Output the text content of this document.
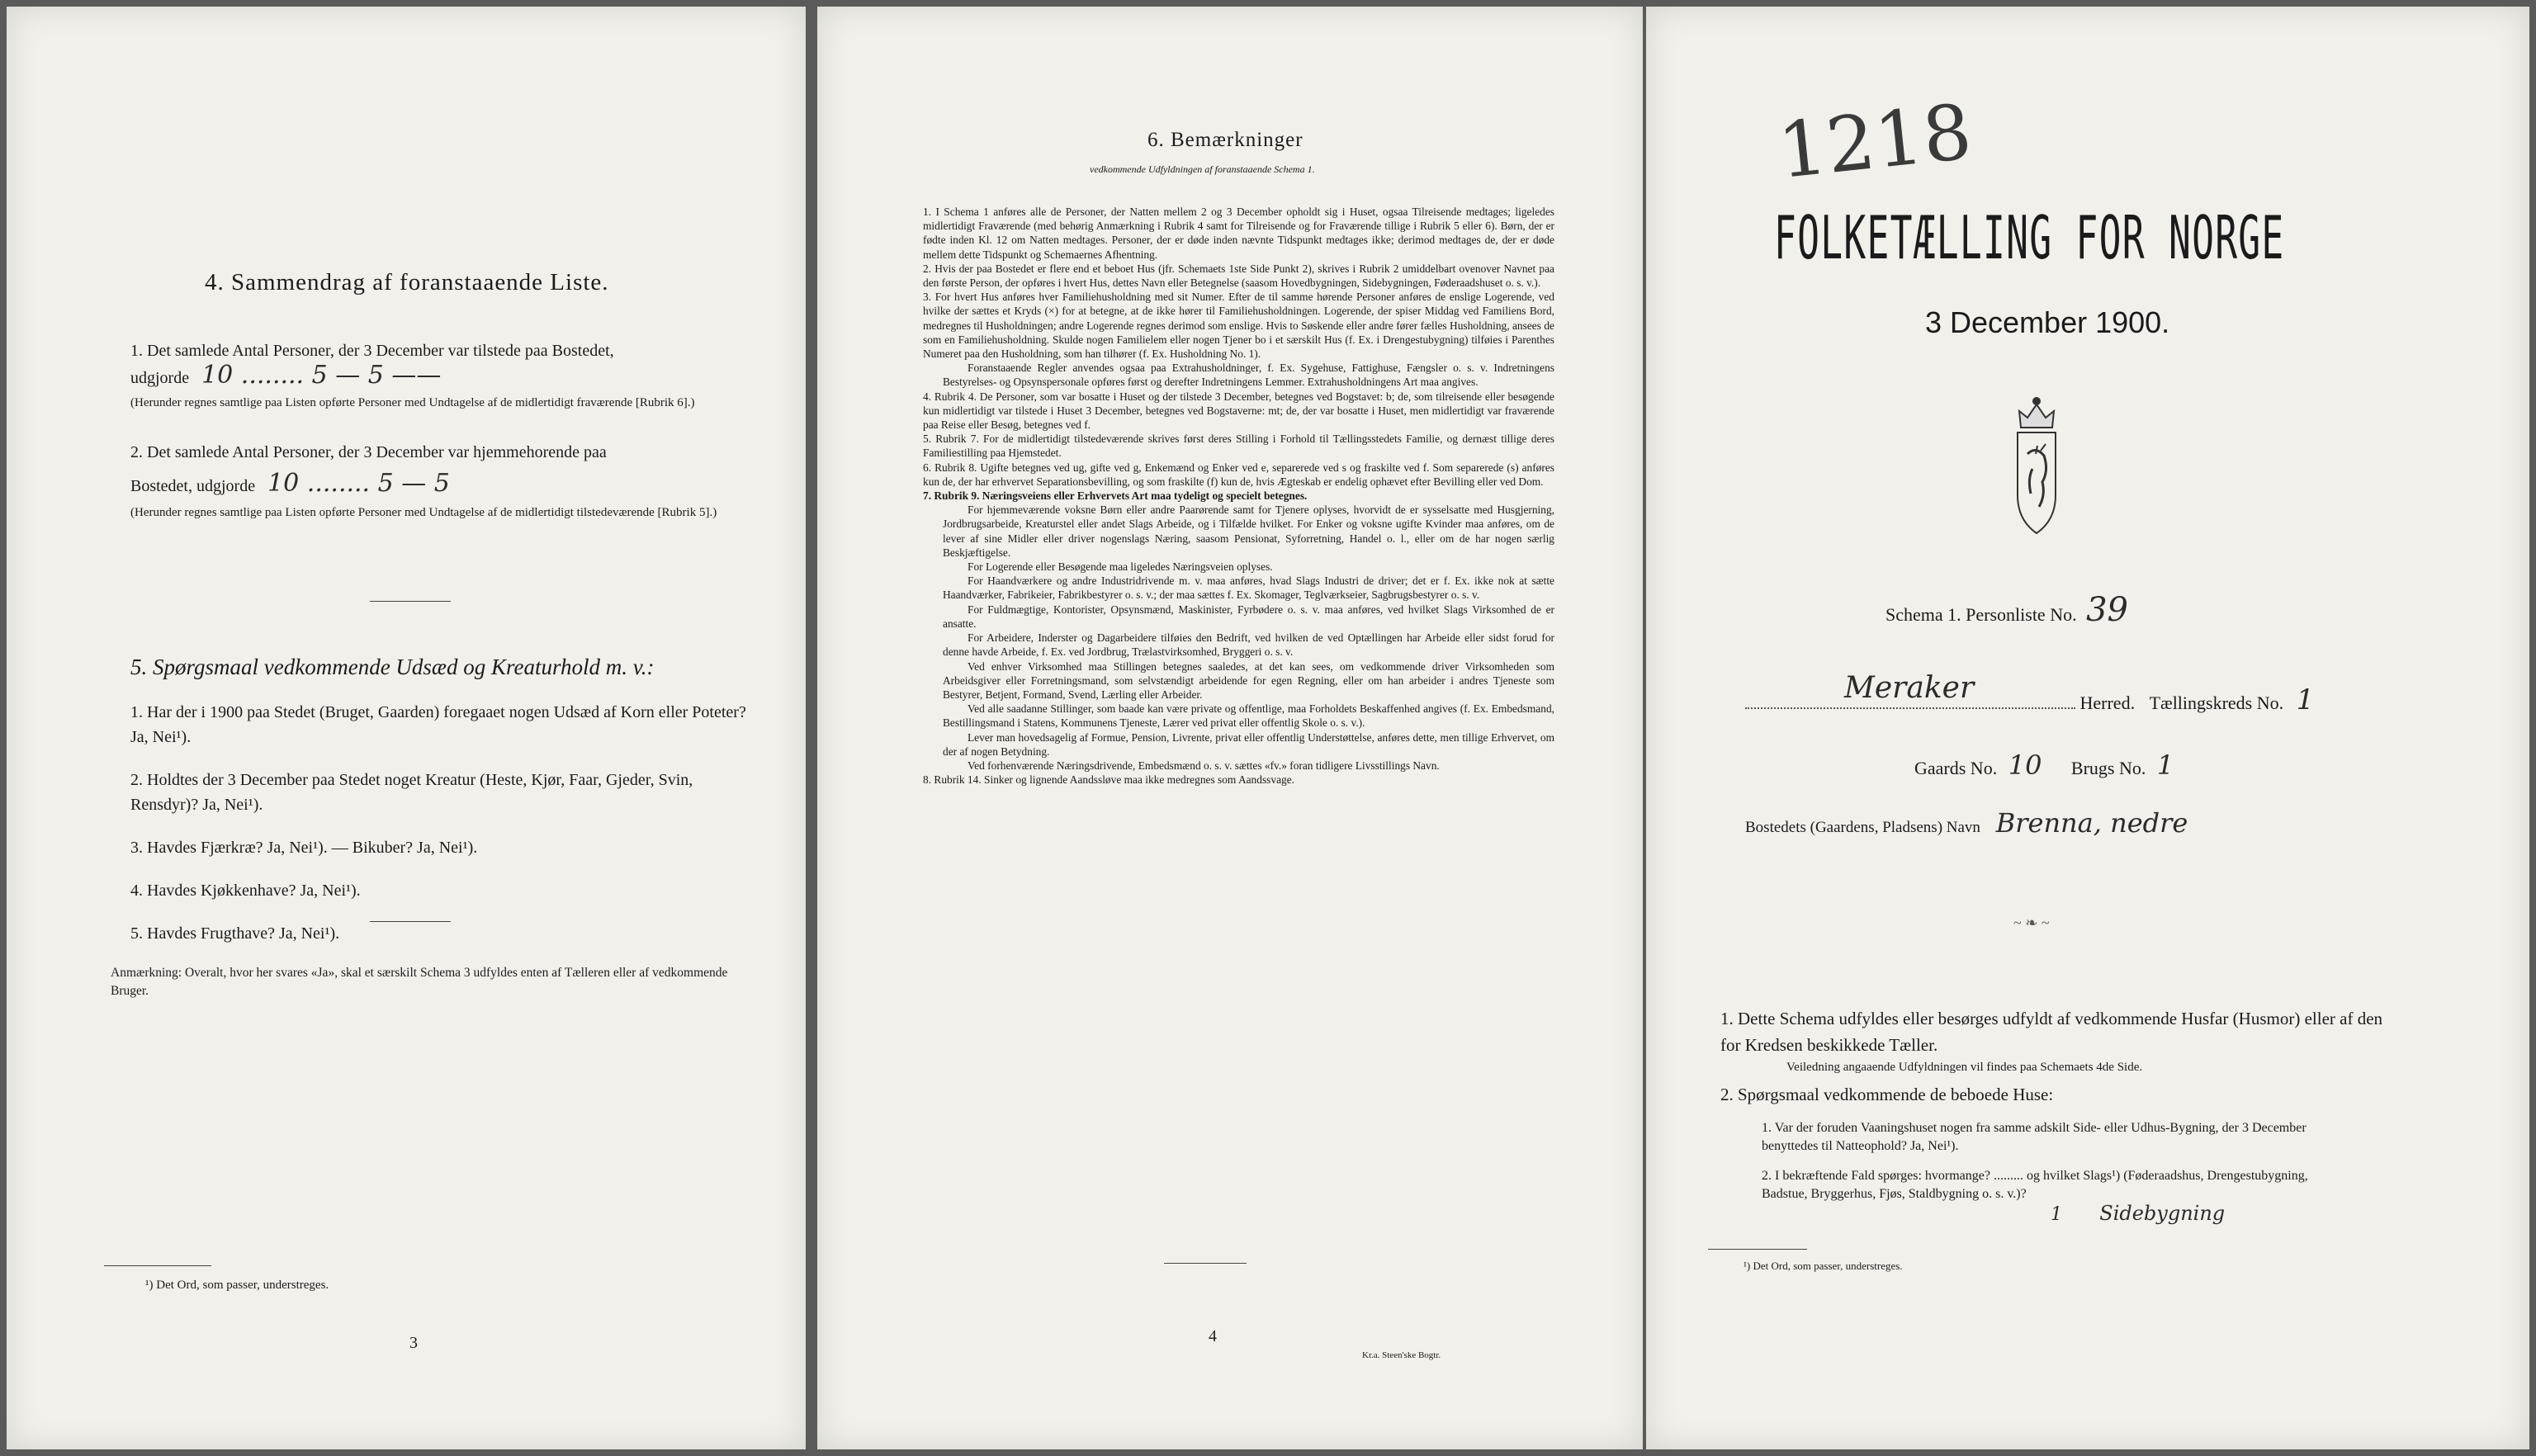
4. Sammendrag af foranstaaende Liste.
1. Det samlede Antal Personer, der 3 December var tilstede paa Bostedet,
udgjorde 10 ........ 5 — 5 ——
(Herunder regnes samtlige paa Listen opførte Personer med Undtagelse af de midlertidigt fraværende [Rubrik 6].)
2. Det samlede Antal Personer, der 3 December var hjemmehorende paa
Bostedet, udgjorde 10 ........ 5 — 5
(Herunder regnes samtlige paa Listen opførte Personer med Undtagelse af de midlertidigt tilstedeværende [Rubrik 5].)
5. Spørgsmaal vedkommende Udsæd og Kreaturhold m. v.:
1. Har der i 1900 paa Stedet (Bruget, Gaarden) foregaaet nogen Udsæd af Korn eller Poteter? Ja, Nei¹).
2. Holdtes der 3 December paa Stedet noget Kreatur (Heste, Kjør, Faar, Gjeder, Svin, Rensdyr)? Ja, Nei¹).
3. Havdes Fjærkræ? Ja, Nei¹). — Bikuber? Ja, Nei¹).
4. Havdes Kjøkkenhave? Ja, Nei¹).
5. Havdes Frugthave? Ja, Nei¹).
Anmærkning: Overalt, hvor her svares «Ja», skal et særskilt Schema 3 udfyldes enten af Tælleren eller af vedkommende Bruger.
¹) Det Ord, som passer, understreges.
3
6. Bemærkninger
vedkommende Udfyldningen af foranstaaende Schema 1.

1. I Schema 1 anføres alle de Personer, der Natten mellem 2 og 3 December opholdt sig i Huset, ogsaa Tilreisende medtages; ligeledes midlertidigt Fraværende (med behørig Anmærkning i Rubrik 4 samt for Tilreisende og for Fraværende tillige i Rubrik 5 eller 6). Børn, der er fødte inden Kl. 12 om Natten medtages. Personer, der er døde inden nævnte Tidspunkt medtages ikke; derimod medtages de, der er døde mellem dette Tidspunkt og Schemaernes Afhentning.

2. Hvis der paa Bostedet er flere end et beboet Hus (jfr. Schemaets 1ste Side Punkt 2), skrives i Rubrik 2 umiddelbart ovenover Navnet paa den første Person, der opføres i hvert Hus, dettes Navn eller Betegnelse (saasom Hovedbygningen, Sidebygningen, Føderaadshuset o. s. v.).

3. For hvert Hus anføres hver Familiehusholdning med sit Numer. Efter de til samme hørende Personer anføres de enslige Logerende, ved hvilke der sættes et Kryds (×) for at betegne, at de ikke hører til Familiehusholdningen. Logerende, der spiser Middag ved Familiens Bord, medregnes til Husholdningen; andre Logerende regnes derimod som enslige. Hvis to Søskende eller andre fører fælles Husholdning, ansees de som en Familiehusholdning. Skulde nogen Familielem eller nogen Tjener bo i et særskilt Hus (f. Ex. i Drengestubygning) tilføies i Parenthes Numeret paa den Husholdning, som han tilhører (f. Ex. Husholdning No. 1).

Foranstaaende Regler anvendes ogsaa paa Extrahusholdninger, f. Ex. Sygehuse, Fattighuse, Fængsler o. s. v. Indretningens Bestyrelses- og Opsynspersonale opføres først og derefter Indretningens Lemmer. Extrahusholdningens Art maa angives.

4. Rubrik 4. De Personer, som var bosatte i Huset og der tilstede 3 December, betegnes ved Bogstavet: b; de, som tilreisende eller besøgende kun midlertidigt var tilstede i Huset 3 December, betegnes ved Bogstaverne: mt; de, der var bosatte i Huset, men midlertidigt var fraværende paa Reise eller Besøg, betegnes ved f.

5. Rubrik 7. For de midlertidigt tilstedeværende skrives først deres Stilling i Forhold til Tællingsstedets Familie, og dernæst tillige deres Familiestilling paa Hjemstedet.

6. Rubrik 8. Ugifte betegnes ved ug, gifte ved g, Enkemænd og Enker ved e, separerede ved s og fraskilte ved f. Som separerede (s) anføres kun de, der har erhvervet Separationsbevilling, og som fraskilte (f) kun de, hvis Ægteskab er endelig ophævet efter Bevilling eller ved Dom.

7. Rubrik 9. Næringsveiens eller Erhvervets Art maa tydeligt og specielt betegnes.

For hjemmeværende voksne Børn eller andre Paarørende samt for Tjenere oplyses, hvorvidt de er sysselsatte med Husgjerning, Jordbrugsarbeide, Kreaturstel eller andet Slags Arbeide, og i Tilfælde hvilket. For Enker og voksne ugifte Kvinder maa anføres, om de lever af sine Midler eller driver nogenslags Næring, saasom Pensionat, Syforretning, Handel o. l., eller om de har nogen særlig Beskjæftigelse.

For Logerende eller Besøgende maa ligeledes Næringsveien oplyses.

For Haandværkere og andre Industridrivende m. v. maa anføres, hvad Slags Industri de driver; det er f. Ex. ikke nok at sætte Haandværker, Fabrikeier, Fabrikbestyrer o. s. v.; der maa sættes f. Ex. Skomager, Teglværkseier, Sagbrugsbestyrer o. s. v.

For Fuldmægtige, Kontorister, Opsynsmænd, Maskinister, Fyrbødere o. s. v. maa anføres, ved hvilket Slags Virksomhed de er ansatte.

For Arbeidere, Inderster og Dagarbeidere tilføies den Bedrift, ved hvilken de ved Optællingen har Arbeide eller sidst forud for denne havde Arbeide, f. Ex. ved Jordbrug, Trælastvirksomhed, Bryggeri o. s. v.

Ved enhver Virksomhed maa Stillingen betegnes saaledes, at det kan sees, om vedkommende driver Virksomheden som Arbeidsgiver eller Forretningsmand, som selvstændigt arbeidende for egen Regning, eller om han arbeider i andres Tjeneste som Bestyrer, Betjent, Formand, Svend, Lærling eller Arbeider.

Ved alle saadanne Stillinger, som baade kan være private og offentlige, maa Forholdets Beskaffenhed angives (f. Ex. Embedsmand, Bestillingsmand i Statens, Kommunens Tjeneste, Lærer ved privat eller offentlig Skole o. s. v.).

Lever man hovedsagelig af Formue, Pension, Livrente, privat eller offentlig Understøttelse, anføres dette, men tillige Erhvervet, om der af nogen Betydning.

Ved forhenværende Næringsdrivende, Embedsmænd o. s. v. sættes «fv.» foran tidligere Livsstillings Navn.

8. Rubrik 14. Sinker og lignende Aandssløve maa ikke medregnes som Aandssvage.

4
Kr.a. Steen'ske Bogtr.
1218
FOLKETÆLLING FOR NORGE
3 December 1900.
Schema 1. Personliste No. 39
Meraker	Herred. Tællingskreds No. 1
Gaards No. 10 Brugs No. 1
Bostedets (Gaardens, Pladsens) Navn Brenna, nedre
~ ❧ ~
1. Dette Schema udfyldes eller besørges udfyldt af vedkommende Husfar (Husmor) eller af den for Kredsen beskikkede Tæller.
Veiledning angaaende Udfyldningen vil findes paa Schemaets 4de Side.
2. Spørgsmaal vedkommende de beboede Huse:
1. Var der foruden Vaaningshuset nogen fra samme adskilt Side- eller Udhus-Bygning, der 3 December benyttedes til Natteophold? Ja, Nei¹).
2. I bekræftende Fald spørges: hvormange? ......... og hvilket Slags¹) (Føderaadshus, Drengestubygning, Badstue, Bryggerhus, Fjøs, Staldbygning o. s. v.)?
1 Sidebygning
¹) Det Ord, som passer, understreges.
